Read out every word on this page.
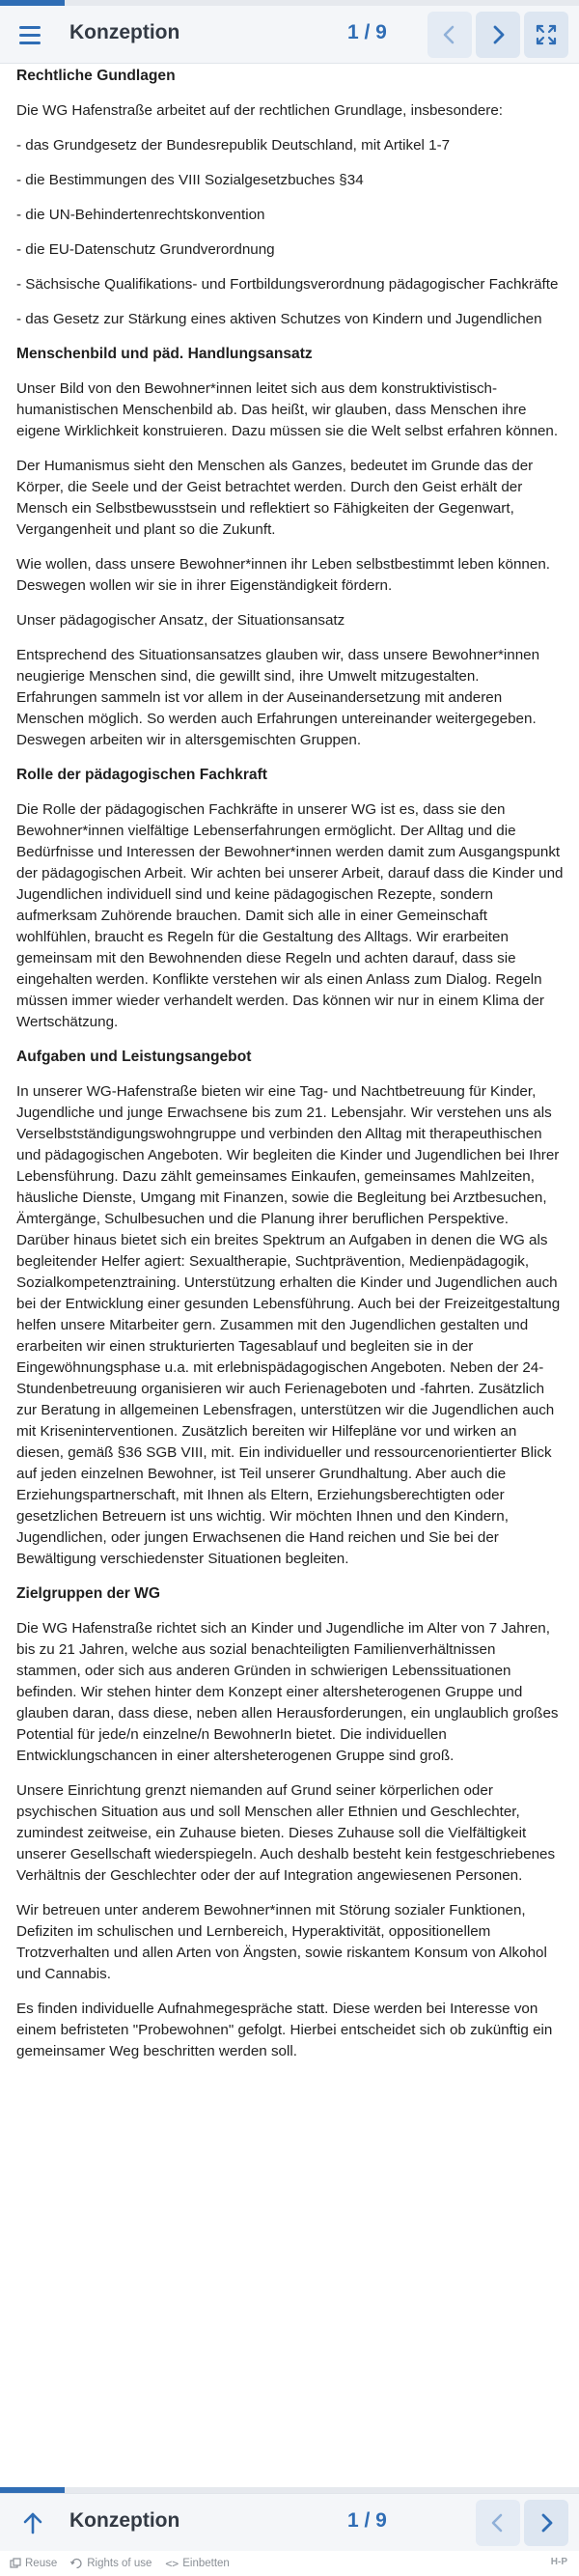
Konzeption	1 / 9
Rechtliche Gundlagen

Die WG Hafenstraße arbeitet auf der rechtlichen Grundlage, insbesondere:

- das Grundgesetz der Bundesrepublik Deutschland, mit Artikel 1-7

- die Bestimmungen des VIII Sozialgesetzbuches §34

- die UN-Behindertenrechtskonvention

- die EU-Datenschutz Grundverordnung

- Sächsische Qualifikations- und Fortbildungsverordnung pädagogischer Fachkräfte

- das Gesetz zur Stärkung eines aktiven Schutzes von Kindern und Jugendlichen

Menschenbild und päd. Handlungsansatz

Unser Bild von den Bewohner*innen leitet sich aus dem konstruktivistisch-humanistischen Menschenbild ab. Das heißt, wir glauben, dass Menschen ihre eigene Wirklichkeit konstruieren. Dazu müssen sie die Welt selbst erfahren können.

Der Humanismus sieht den Menschen als Ganzes, bedeutet im Grunde das der Körper, die Seele und der Geist betrachtet werden. Durch den Geist erhält der Mensch ein Selbstbewusstsein und reflektiert so Fähigkeiten der Gegenwart, Vergangenheit und plant so die Zukunft.

Wie wollen, dass unsere Bewohner*innen ihr Leben selbstbestimmt leben können. Deswegen wollen wir sie in ihrer Eigenständigkeit fördern.

Unser pädagogischer Ansatz, der Situationsansatz

Entsprechend des Situationsansatzes glauben wir, dass unsere Bewohner*innen neugierige Menschen sind, die gewillt sind, ihre Umwelt mitzugestalten. Erfahrungen sammeln ist vor allem in der Auseinandersetzung mit anderen Menschen möglich. So werden auch Erfahrungen untereinander weitergegeben. Deswegen arbeiten wir in altersgemischten Gruppen.

Rolle der pädagogischen Fachkraft

Die Rolle der pädagogischen Fachkräfte in unserer WG ist es, dass sie den Bewohner*innen vielfältige Lebenserfahrungen ermöglicht. Der Alltag und die Bedürfnisse und Interessen der Bewohner*innen werden damit zum Ausgangspunkt der pädagogischen Arbeit. Wir achten bei unserer Arbeit, darauf dass die Kinder und Jugendlichen individuell sind und keine pädagogischen Rezepte, sondern aufmerksam Zuhörende brauchen. Damit sich alle in einer Gemeinschaft wohlfühlen, braucht es Regeln für die Gestaltung des Alltags. Wir erarbeiten gemeinsam mit den Bewohnenden diese Regeln und achten darauf, dass sie eingehalten werden. Konflikte verstehen wir als einen Anlass zum Dialog. Regeln müssen immer wieder verhandelt werden. Das können wir nur in einem Klima der Wertschätzung.

Aufgaben und Leistungsangebot

In unserer WG-Hafenstraße bieten wir eine Tag- und Nachtbetreuung für Kinder, Jugendliche und junge Erwachsene bis zum 21. Lebensjahr. Wir verstehen uns als Verselbstständigungswohngruppe und verbinden den Alltag mit therapeuthischen und pädagogischen Angeboten. Wir begleiten die Kinder und Jugendlichen bei Ihrer Lebensführung. Dazu zählt gemeinsames Einkaufen, gemeinsames Mahlzeiten, häusliche Dienste, Umgang mit Finanzen, sowie die Begleitung bei Arztbesuchen, Ämtergänge, Schulbesuchen und die Planung ihrer beruflichen Perspektive. Darüber hinaus bietet sich ein breites Spektrum an Aufgaben in denen die WG als begleitender Helfer agiert: Sexualtherapie, Suchtprävention, Medienpädagogik, Sozialkompetenztraining. Unterstützung erhalten die Kinder und Jugendlichen auch bei der Entwicklung einer gesunden Lebensführung. Auch bei der Freizeitgestaltung helfen unsere Mitarbeiter gern. Zusammen mit den Jugendlichen gestalten und erarbeiten wir einen strukturierten Tagesablauf und begleiten sie in der Eingewöhnungsphase u.a. mit erlebnispädagogischen Angeboten. Neben der 24-Stundenbetreuung organisieren wir auch Ferienageboten und -fahrten. Zusätzlich zur Beratung in allgemeinen Lebensfragen, unterstützen wir die Jugendlichen auch mit Kriseninterventionen. Zusätzlich bereiten wir Hilfepläne vor und wirken an diesen, gemäß §36 SGB VIII, mit. Ein individueller und ressourcenorientierter Blick auf jeden einzelnen Bewohner, ist Teil unserer Grundhaltung. Aber auch die Erziehungspartnerschaft, mit Ihnen als Eltern, Erziehungsberechtigten oder gesetzlichen Betreuern ist uns wichtig. Wir möchten Ihnen und den Kindern, Jugendlichen, oder jungen Erwachsenen die Hand reichen und Sie bei der Bewältigung verschiedenster Situationen begleiten.

Zielgruppen der WG

Die WG Hafenstraße richtet sich an Kinder und Jugendliche im Alter von 7 Jahren, bis zu 21 Jahren, welche aus sozial benachteiligten Familienverhältnissen stammen, oder sich aus anderen Gründen in schwierigen Lebenssituationen befinden. Wir stehen hinter dem Konzept einer altersheterogenen Gruppe und glauben daran, dass diese, neben allen Herausforderungen, ein unglaublich großes Potential für jede/n einzelne/n BewohnerIn bietet. Die individuellen Entwicklungschancen in einer altersheterogenen Gruppe sind groß.

Unsere Einrichtung grenzt niemanden auf Grund seiner körperlichen oder psychischen Situation aus und soll Menschen aller Ethnien und Geschlechter, zumindest zeitweise, ein Zuhause bieten. Dieses Zuhause soll die Vielfältigkeit unserer Gesellschaft wiederspiegeln. Auch deshalb besteht kein festgeschriebenes Verhältnis der Geschlechter oder der auf Integration angewiesenen Personen.

Wir betreuen unter anderem Bewohner*innen mit Störung sozialer Funktionen, Defiziten im schulischen und Lernbereich, Hyperaktivität, oppositionellem Trotzverhalten und allen Arten von Ängsten, sowie riskantem Konsum von Alkohol und Cannabis.

Es finden individuelle Aufnahmegespräche statt. Diese werden bei Interesse von einem befristeten "Probewohnen" gefolgt. Hierbei entscheidet sich ob zukünftig ein gemeinsamer Weg beschritten werden soll.

Konzeption	1 / 9
Reuse	Rights of use <> Einbetten	H-P
